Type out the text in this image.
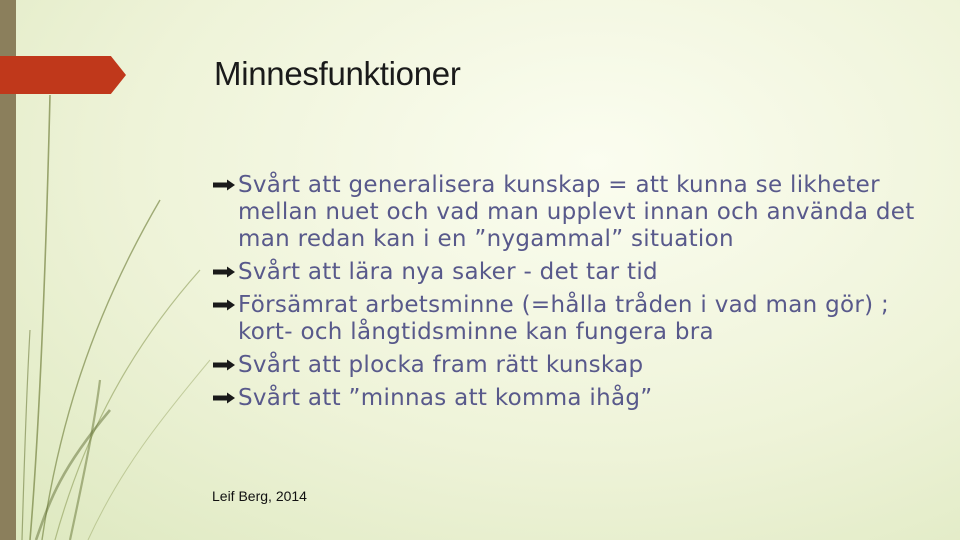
Minnesfunktioner
Svårt att generalisera kunskap = att kunna se likheter mellan nuet och vad man upplevt innan och använda det man redan kan i en ”nygammal” situation
Svårt att lära nya saker - det tar tid
Försämrat arbetsminne (=hålla tråden i vad man gör) ; kort- och långtidsminne kan fungera bra
Svårt att plocka fram rätt kunskap
Svårt att ”minnas att komma ihåg”
Leif Berg, 2014
